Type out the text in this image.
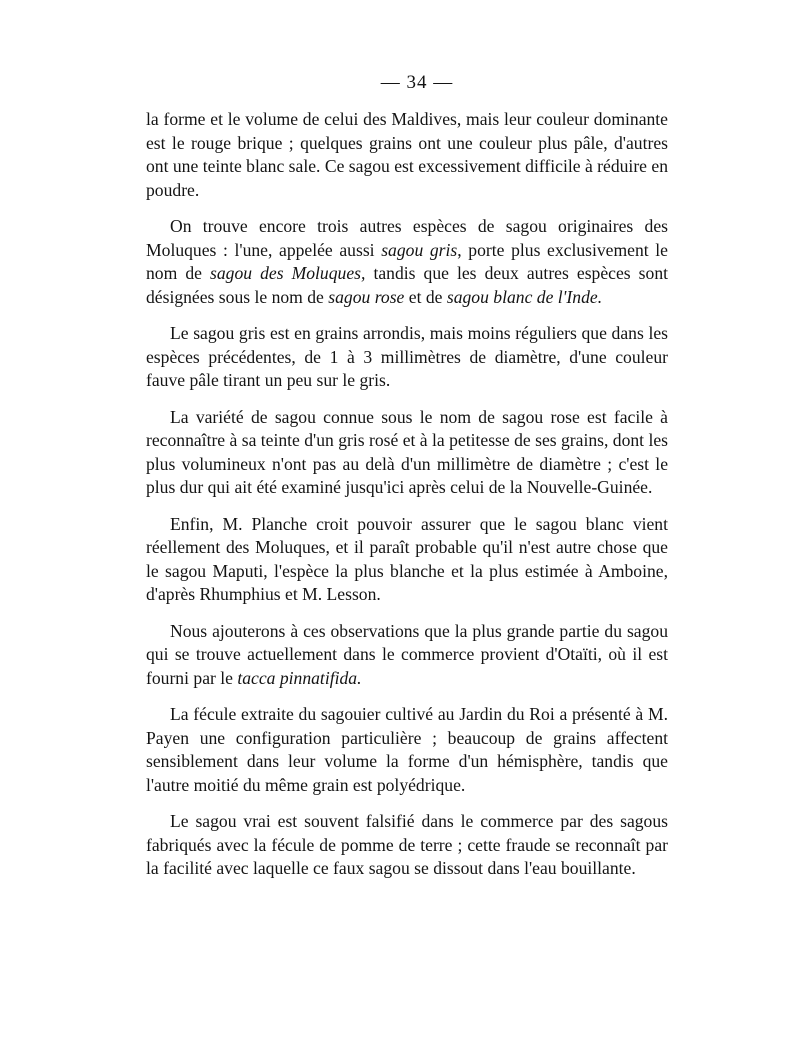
— 34 —

la forme et le volume de celui des Maldives, mais leur couleur dominante est le rouge brique ; quelques grains ont une couleur plus pâle, d'autres ont une teinte blanc sale. Ce sagou est excessivement difficile à réduire en poudre.

On trouve encore trois autres espèces de sagou originaires des Moluques : l'une, appelée aussi sagou gris, porte plus exclusivement le nom de sagou des Moluques, tandis que les deux autres espèces sont désignées sous le nom de sagou rose et de sagou blanc de l'Inde.

Le sagou gris est en grains arrondis, mais moins réguliers que dans les espèces précédentes, de 1 à 3 millimètres de diamètre, d'une couleur fauve pâle tirant un peu sur le gris.

La variété de sagou connue sous le nom de sagou rose est facile à reconnaître à sa teinte d'un gris rosé et à la petitesse de ses grains, dont les plus volumineux n'ont pas au delà d'un millimètre de diamètre ; c'est le plus dur qui ait été examiné jusqu'ici après celui de la Nouvelle-Guinée.

Enfin, M. Planche croit pouvoir assurer que le sagou blanc vient réellement des Moluques, et il paraît probable qu'il n'est autre chose que le sagou Maputi, l'espèce la plus blanche et la plus estimée à Amboine, d'après Rhumphius et M. Lesson.

Nous ajouterons à ces observations que la plus grande partie du sagou qui se trouve actuellement dans le commerce provient d'Otaïti, où il est fourni par le tacca pinnatifida.

La fécule extraite du sagouier cultivé au Jardin du Roi a présenté à M. Payen une configuration particulière ; beaucoup de grains affectent sensiblement dans leur volume la forme d'un hémisphère, tandis que l'autre moitié du même grain est polyédrique.

Le sagou vrai est souvent falsifié dans le commerce par des sagous fabriqués avec la fécule de pomme de terre ; cette fraude se reconnaît par la facilité avec laquelle ce faux sagou se dissout dans l'eau bouillante.
